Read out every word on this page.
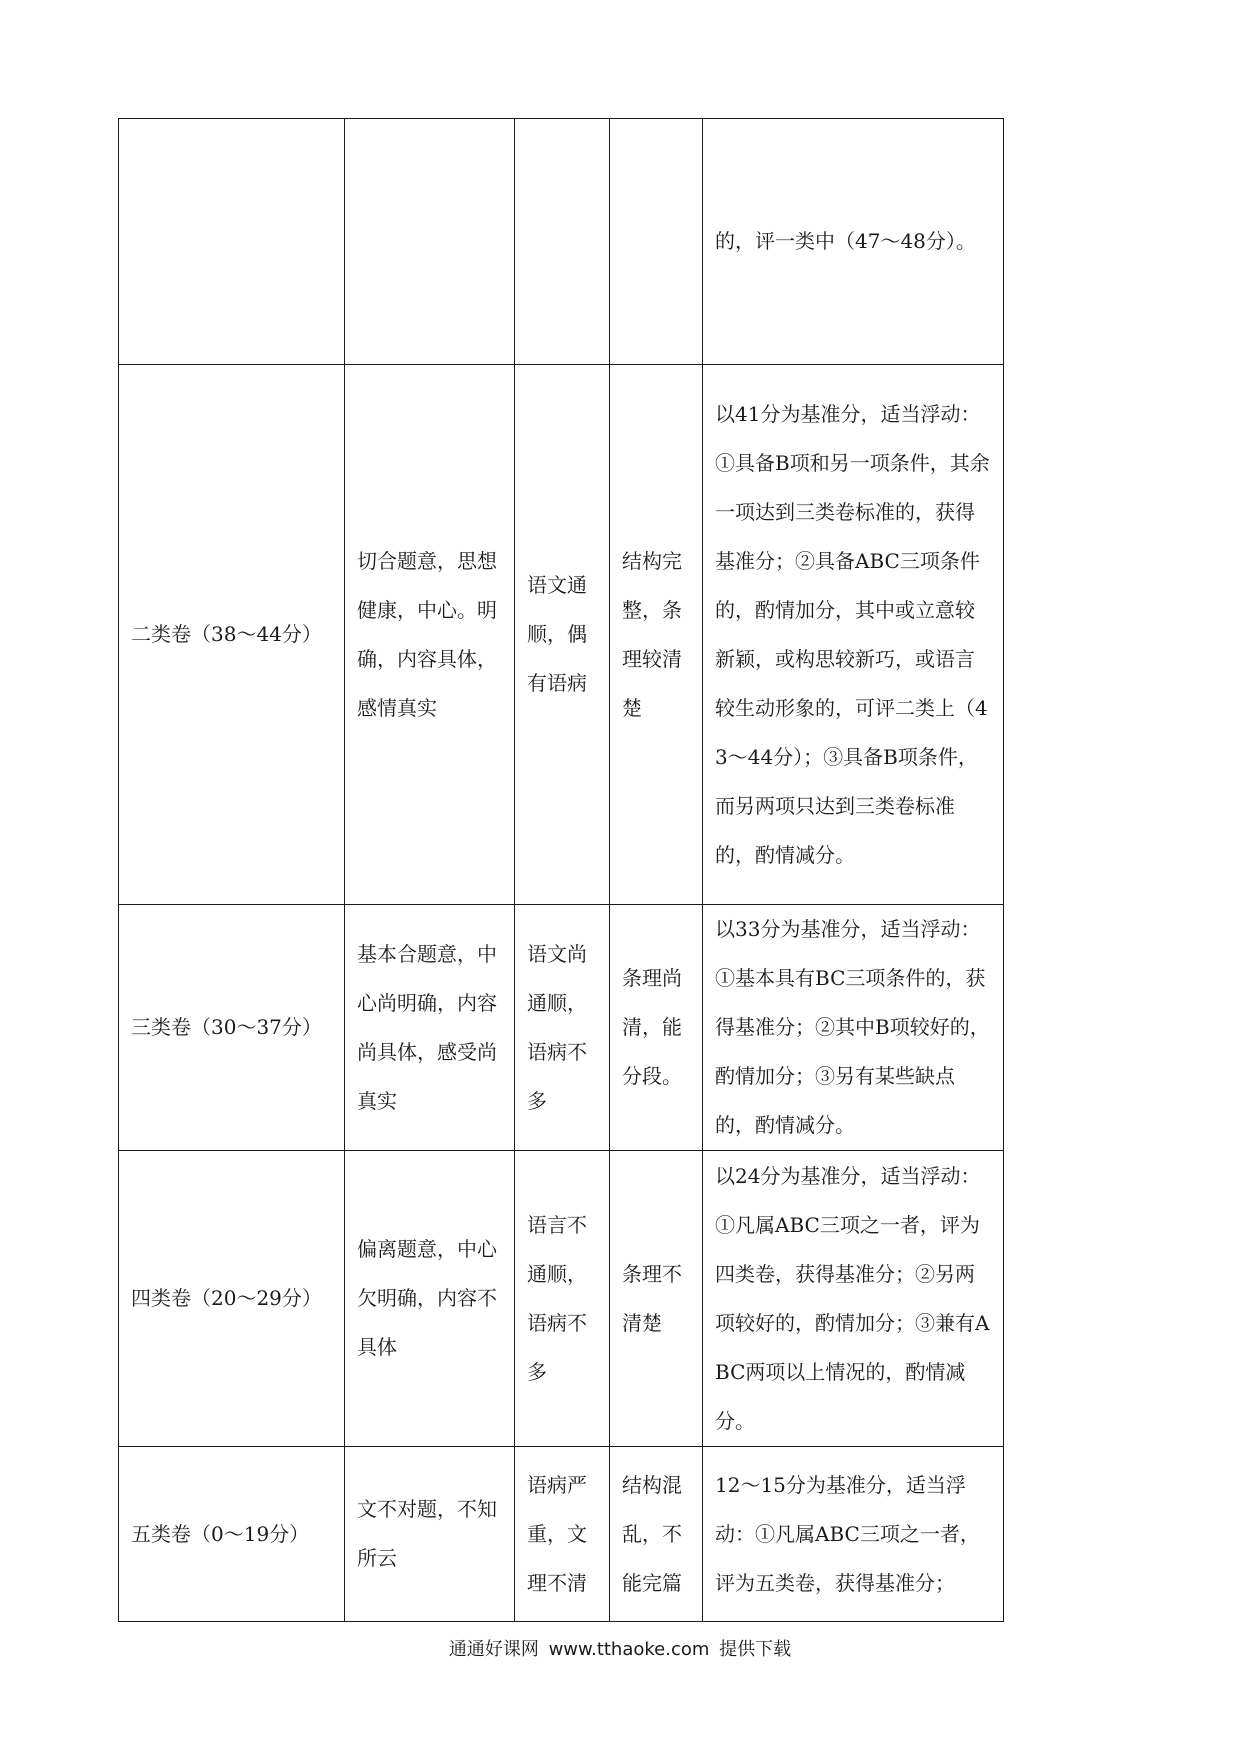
				的，评一类中（47～48分）。
二类卷（38～44分）	切合题意，思想健康，中心。明确，内容具体，感情真实	语文通顺，偶有语病	结构完整，条理较清楚	以41分为基准分，适当浮动：①具备B项和另一项条件，其余一项达到三类卷标准的，获得基准分；②具备ABC三项条件的，酌情加分，其中或立意较新颖，或构思较新巧，或语言较生动形象的，可评二类上（43～44分）；③具备B项条件，而另两项只达到三类卷标准的，酌情减分。
三类卷（30～37分）	基本合题意，中心尚明确，内容尚具体，感受尚真实	语文尚通顺，语病不多	条理尚清，能分段。	以33分为基准分，适当浮动：①基本具有BC三项条件的，获得基准分；②其中B项较好的，酌情加分；③另有某些缺点的，酌情减分。
四类卷（20～29分）	偏离题意，中心欠明确，内容不具体	语言不通顺，语病不多	条理不清楚	以24分为基准分，适当浮动：①凡属ABC三项之一者，评为四类卷，获得基准分；②另两项较好的，酌情加分；③兼有ABC两项以上情况的，酌情减分。
五类卷（0～19分）	文不对题，不知所云	语病严重，文理不清	结构混乱，不能完篇	12～15分为基准分，适当浮动：①凡属ABC三项之一者，评为五类卷，获得基准分；
通通好课网 www.tthaoke.com 提供下载
